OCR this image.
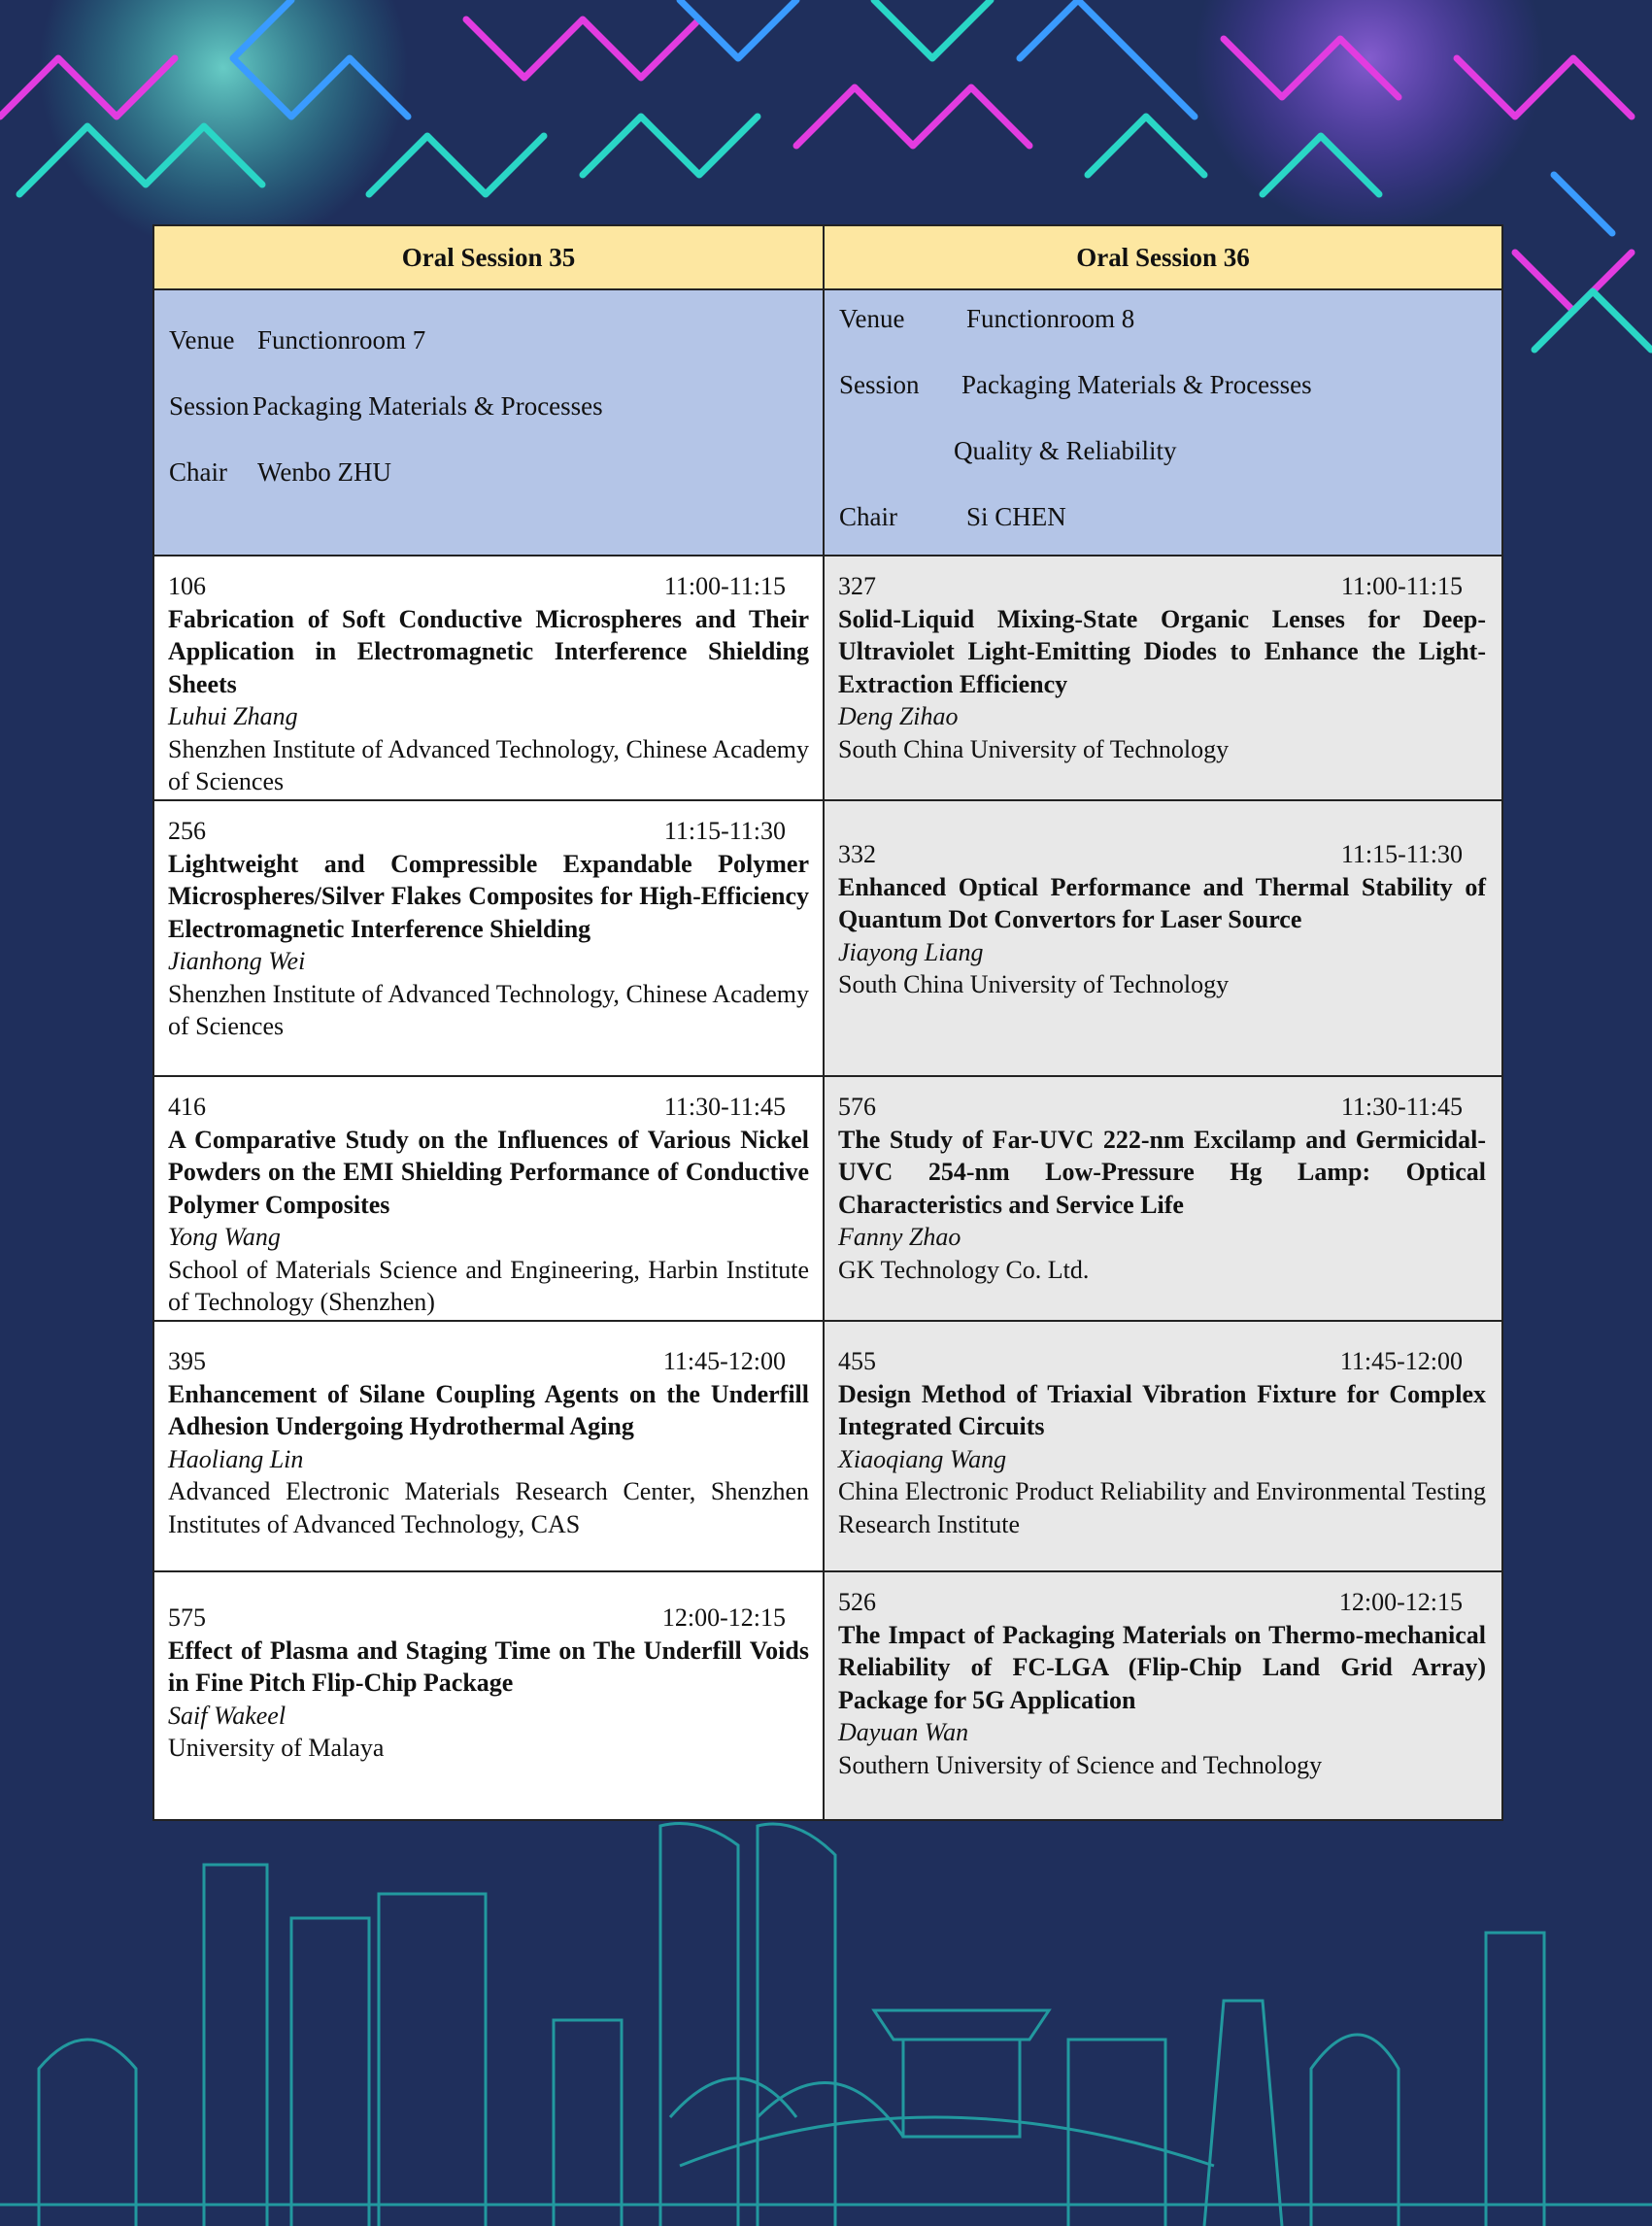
Oral Session 35	Oral Session 36
Venue Functionroom 7
Session Packaging Materials & Processes
Chair Wenbo ZHU
Venue Functionroom 8
Session Packaging Materials & Processes
Quality & Reliability
Chair	Si CHEN
106	11:00-11:15
Fabrication of Soft Conductive Microspheres and Their Application in Electromagnetic Interference Shielding Sheets
Luhui Zhang
Shenzhen Institute of Advanced Technology, Chinese Academy of Sciences
327	11:00-11:15
Solid-Liquid Mixing-State Organic Lenses for Deep-Ultraviolet Light-Emitting Diodes to Enhance the Light-Extraction Efficiency
Deng Zihao
South China University of Technology
256	11:15-11:30
Lightweight and Compressible Expandable Polymer Microspheres/Silver Flakes Composites for High-Efficiency Electromagnetic Interference Shielding
Jianhong Wei
Shenzhen Institute of Advanced Technology, Chinese Academy of Sciences
332	11:15-11:30
Enhanced Optical Performance and Thermal Stability of Quantum Dot Convertors for Laser Source
Jiayong Liang
South China University of Technology
416	11:30-11:45
A Comparative Study on the Influences of Various Nickel Powders on the EMI Shielding Performance of Conductive Polymer Composites
Yong Wang
School of Materials Science and Engineering, Harbin Institute of Technology (Shenzhen)
576	11:30-11:45
The Study of Far-UVC 222-nm Excilamp and Germicidal-UVC 254-nm Low-Pressure Hg Lamp: Optical Characteristics and Service Life
Fanny Zhao
GK Technology Co. Ltd.
395	11:45-12:00
Enhancement of Silane Coupling Agents on the Underfill Adhesion Undergoing Hydrothermal Aging
Haoliang Lin
Advanced Electronic Materials Research Center, Shenzhen Institutes of Advanced Technology, CAS
455	11:45-12:00
Design Method of Triaxial Vibration Fixture for Complex Integrated Circuits
Xiaoqiang Wang
China Electronic Product Reliability and Environmental Testing Research Institute
575	12:00-12:15
Effect of Plasma and Staging Time on The Underfill Voids in Fine Pitch Flip-Chip Package
Saif Wakeel
University of Malaya
526	12:00-12:15
The Impact of Packaging Materials on Thermo-mechanical Reliability of FC-LGA (Flip-Chip Land Grid Array) Package for 5G Application
Dayuan Wan
Southern University of Science and Technology
